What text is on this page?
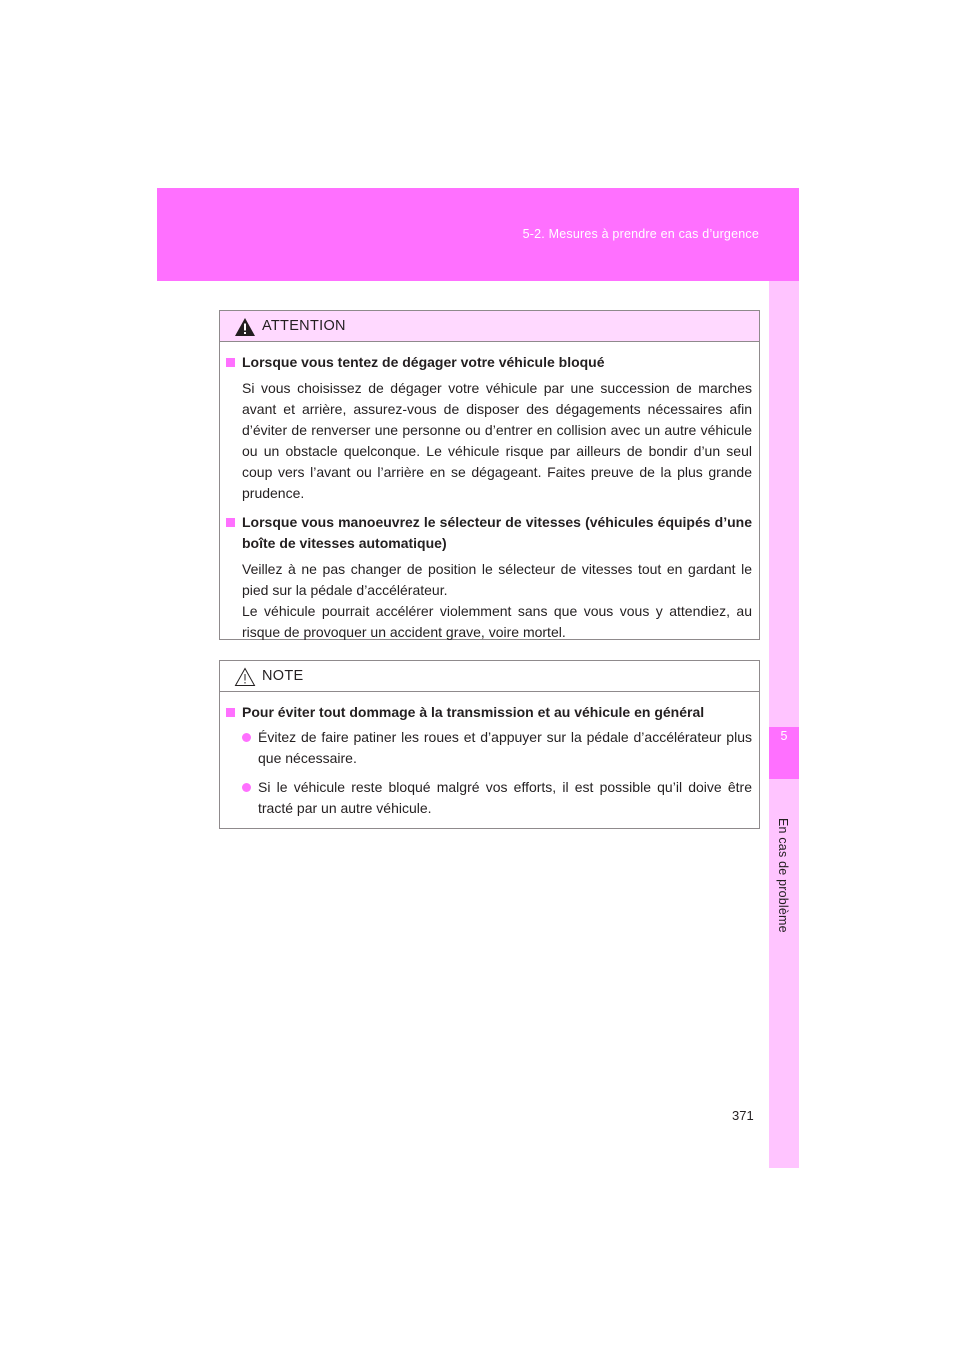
5-2. Mesures à prendre en cas d’urgence
5
En cas de problème
ATTENTION
Lorsque vous tentez de dégager votre véhicule bloqué

Si vous choisissez de dégager votre véhicule par une succession de marches avant et arrière, assurez-vous de disposer des dégagements nécessaires afin d’éviter de renverser une personne ou d’entrer en collision avec un autre véhicule ou un obstacle quelconque. Le véhicule risque par ailleurs de bondir d’un seul coup vers l’avant ou l’arrière en se dégageant. Faites preuve de la plus grande prudence.

Lorsque vous manoeuvrez le sélecteur de vitesses (véhicules équipés d’une boîte de vitesses automatique)

Veillez à ne pas changer de position le sélecteur de vitesses tout en gardant le pied sur la pédale d’accélérateur.

Le véhicule pourrait accélérer violemment sans que vous vous y attendiez, au risque de provoquer un accident grave, voire mortel.

NOTE
Pour éviter tout dommage à la transmission et au véhicule en général
Évitez de faire patiner les roues et d’appuyer sur la pédale d’accélérateur plus que nécessaire.
Si le véhicule reste bloqué malgré vos efforts, il est possible qu’il doive être tracté par un autre véhicule.
371
